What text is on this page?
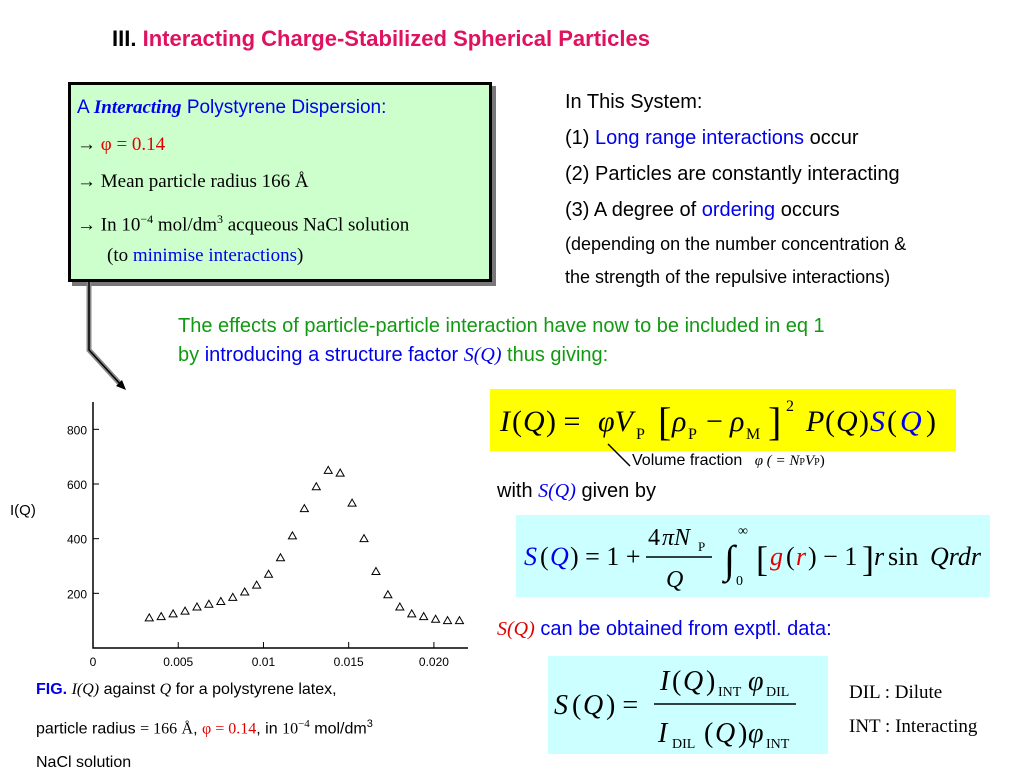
III. Interacting Charge-Stabilized Spherical Particles
A Interacting Polystyrene Dispersion:
→ φ = 0.14
→ Mean particle radius 166 Å
→ In $10^{-4}$ mol/$dm^3$ acqueous NaCl solution
(to minimise interactions)
In This System:
(1) Long range interactions occur
(2) Particles are constantly interacting
(3) A degree of ordering occurs
(depending on the number concentration &
the strength of the repulsive interactions)
The effects of particle-particle interaction have now to be included in eq 1
by introducing a structure factor S(Q) thus giving:
I ( Q ) = φV P [ ρ P − ρ M ] 2 P ( Q ) S ( Q )
Volume fraction φ ( = NPVP)
with S(Q) given by
S ( Q ) = 1 +
4 πN P
Q ∫
∞
0
[ g ( r ) − 1 ] r sin Qrdr
S(Q) can be obtained from exptl. data:
S ( Q ) =
I ( Q ) INT φ DIL
I DIL ( Q ) φ INT
DIL : Dilute
INT : Interacting
200
400
600
800
0	0.005	0.01	0.015	0.020
I(Q)
FIG. I(Q) against Q for a polystyrene latex,
particle radius = 166 Å, φ = 0.14, in $10^{-4}$ mol/$dm^3$
NaCl solution
